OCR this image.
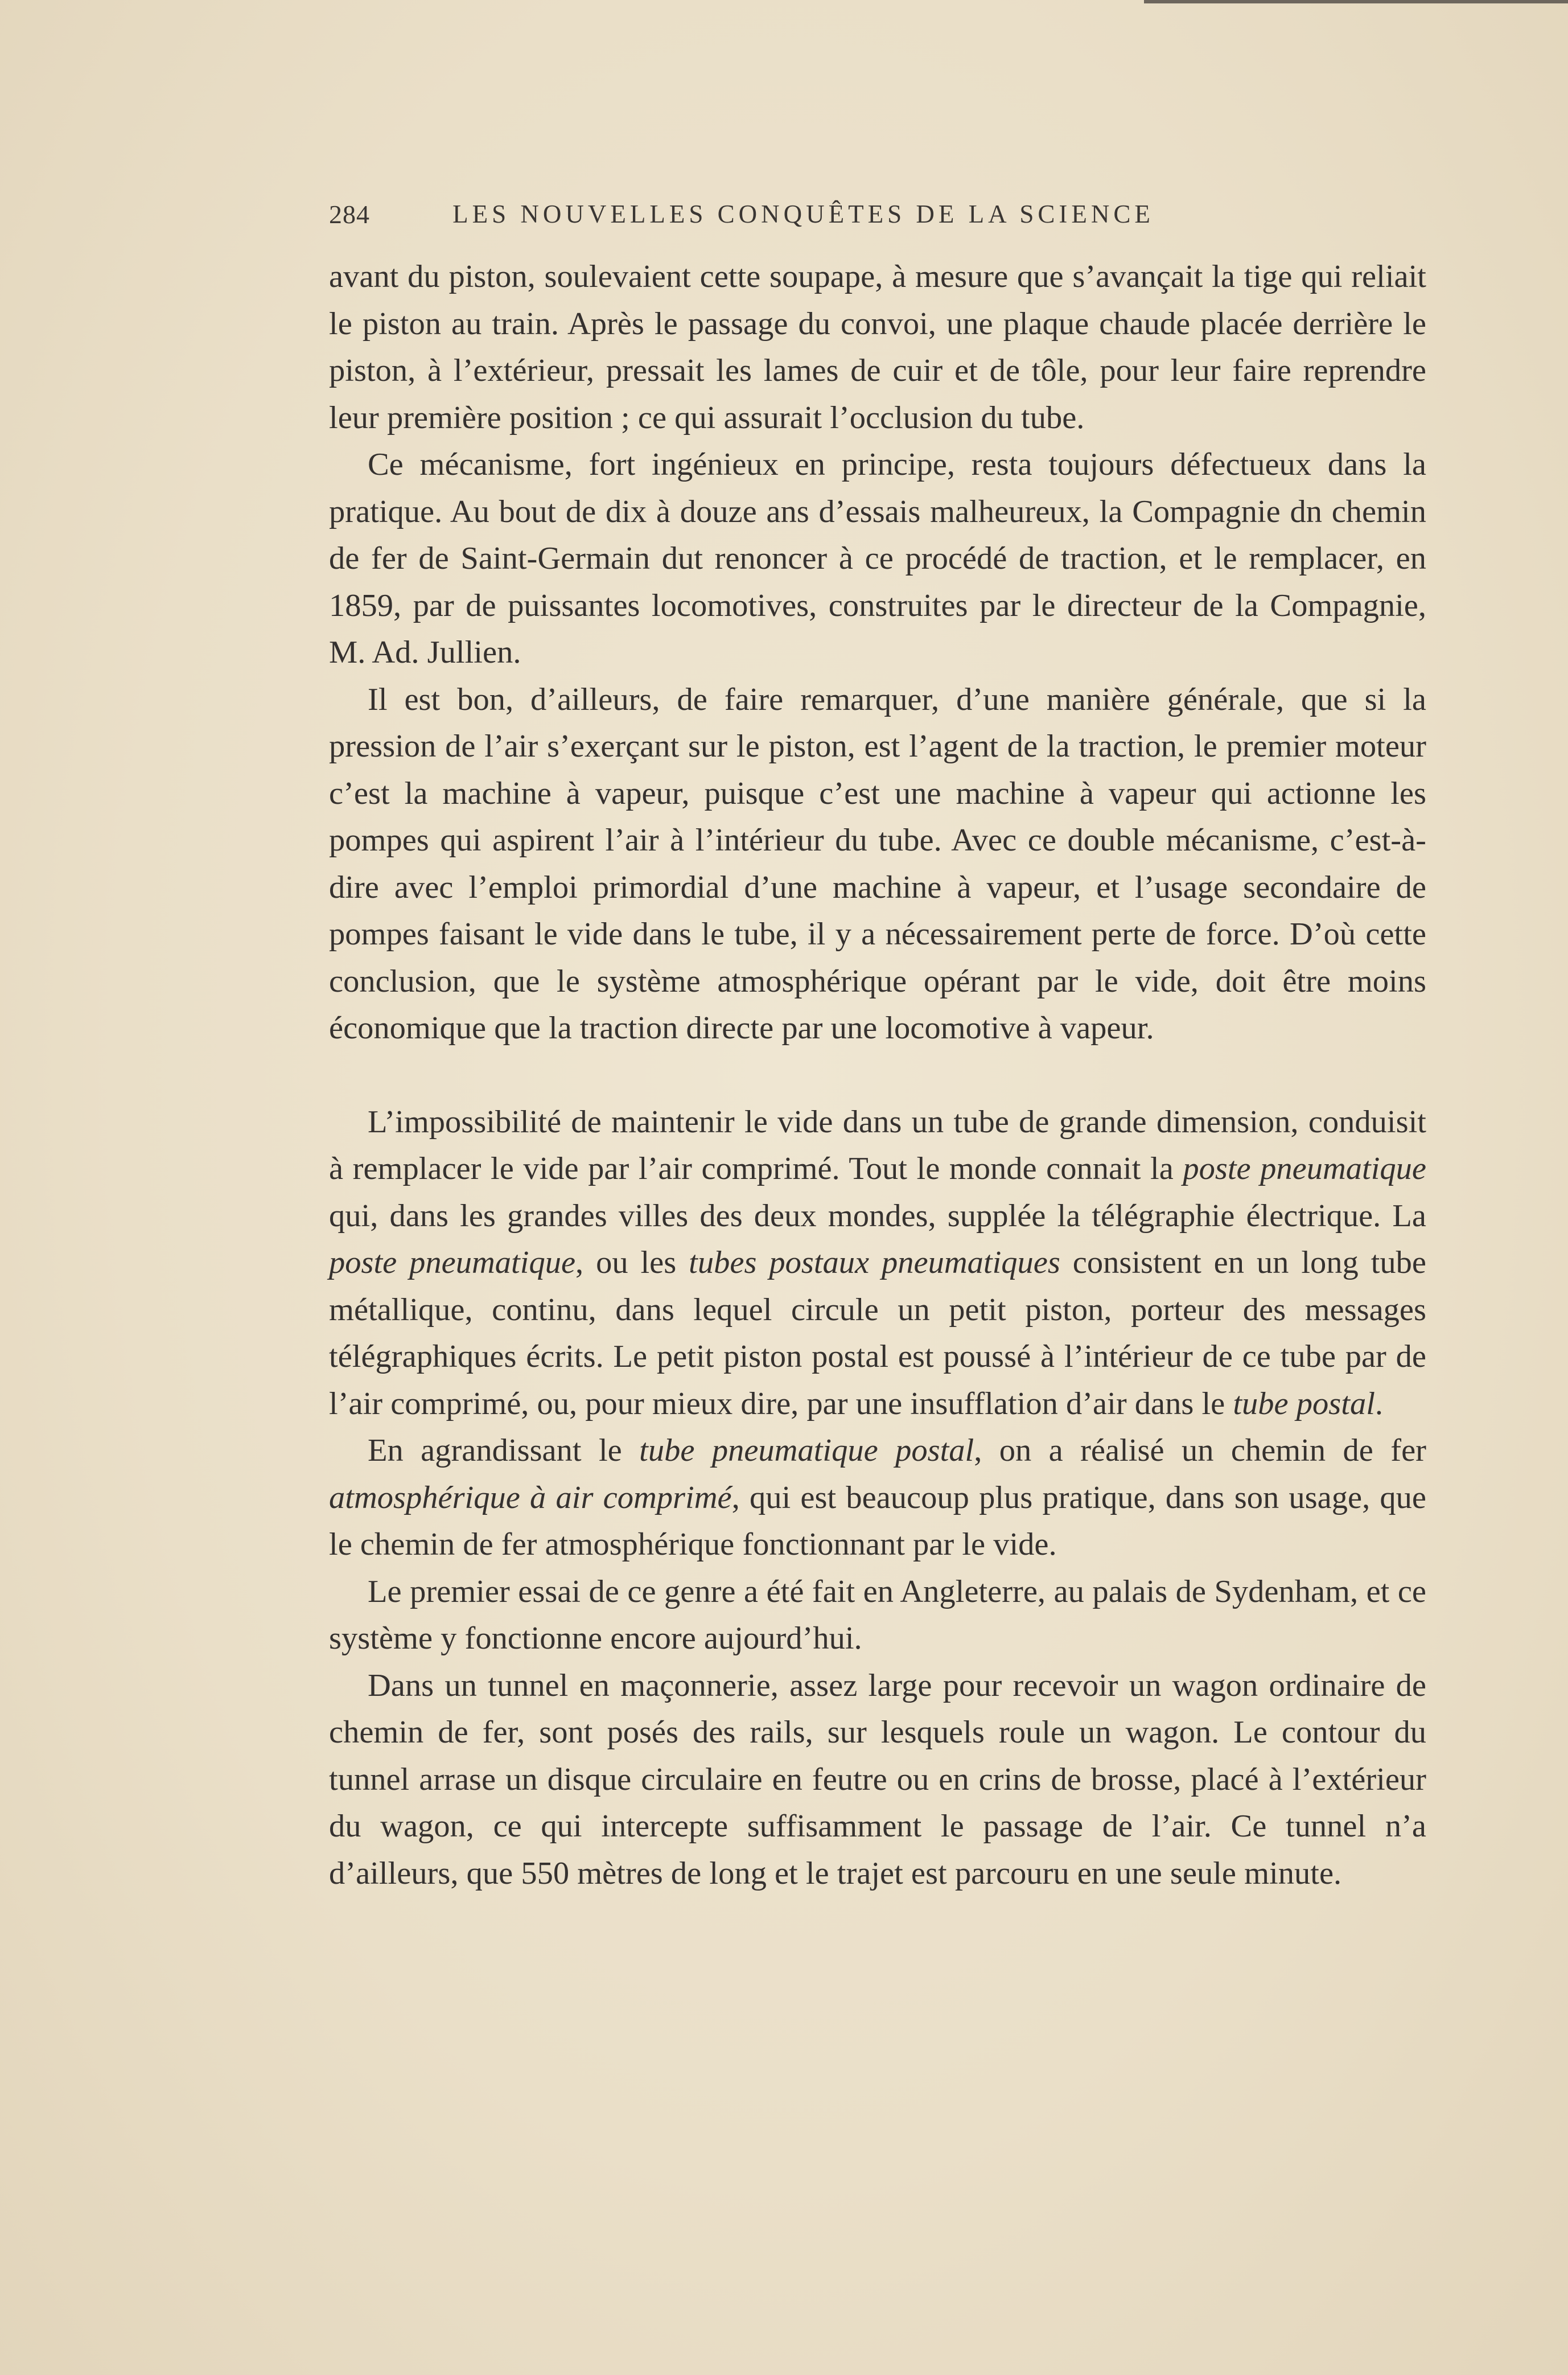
284	LES NOUVELLES CONQUÊTES DE LA SCIENCE

avant du piston, soulevaient cette soupape, à mesure que s’avançait la tige qui reliait le piston au train. Après le passage du convoi, une plaque chaude placée derrière le piston, à l’extérieur, pressait les lames de cuir et de tôle, pour leur faire reprendre leur première position ; ce qui assurait l’occlusion du tube.

Ce mécanisme, fort ingénieux en principe, resta toujours défectueux dans la pratique. Au bout de dix à douze ans d’essais malheureux, la Compagnie dn chemin de fer de Saint-Germain dut renoncer à ce procédé de traction, et le remplacer, en 1859, par de puissantes locomotives, construites par le directeur de la Compagnie, M. Ad. Jullien.

Il est bon, d’ailleurs, de faire remarquer, d’une manière générale, que si la pression de l’air s’exerçant sur le piston, est l’agent de la traction, le premier moteur c’est la machine à vapeur, puisque c’est une machine à vapeur qui actionne les pompes qui aspirent l’air à l’intérieur du tube. Avec ce double mécanisme, c’est-à-dire avec l’emploi primordial d’une machine à vapeur, et l’usage secondaire de pompes faisant le vide dans le tube, il y a nécessairement perte de force. D’où cette conclusion, que le système atmosphérique opérant par le vide, doit être moins économique que la traction directe par une locomotive à vapeur.

L’impossibilité de maintenir le vide dans un tube de grande dimension, conduisit à remplacer le vide par l’air comprimé. Tout le monde connait la poste pneumatique qui, dans les grandes villes des deux mondes, supplée la télégraphie électrique. La poste pneumatique, ou les tubes postaux pneumatiques consistent en un long tube métallique, continu, dans lequel circule un petit piston, porteur des messages télégraphiques écrits. Le petit piston postal est poussé à l’intérieur de ce tube par de l’air comprimé, ou, pour mieux dire, par une insufflation d’air dans le tube postal.

En agrandissant le tube pneumatique postal, on a réalisé un chemin de fer atmosphérique à air comprimé, qui est beaucoup plus pratique, dans son usage, que le chemin de fer atmosphérique fonctionnant par le vide.

Le premier essai de ce genre a été fait en Angleterre, au palais de Sydenham, et ce système y fonctionne encore aujourd’hui.

Dans un tunnel en maçonnerie, assez large pour recevoir un wagon ordinaire de chemin de fer, sont posés des rails, sur lesquels roule un wagon. Le contour du tunnel arrase un disque circulaire en feutre ou en crins de brosse, placé à l’extérieur du wagon, ce qui intercepte suffisamment le passage de l’air. Ce tunnel n’a d’ailleurs, que 550 mètres de long et le trajet est parcouru en une seule minute.
